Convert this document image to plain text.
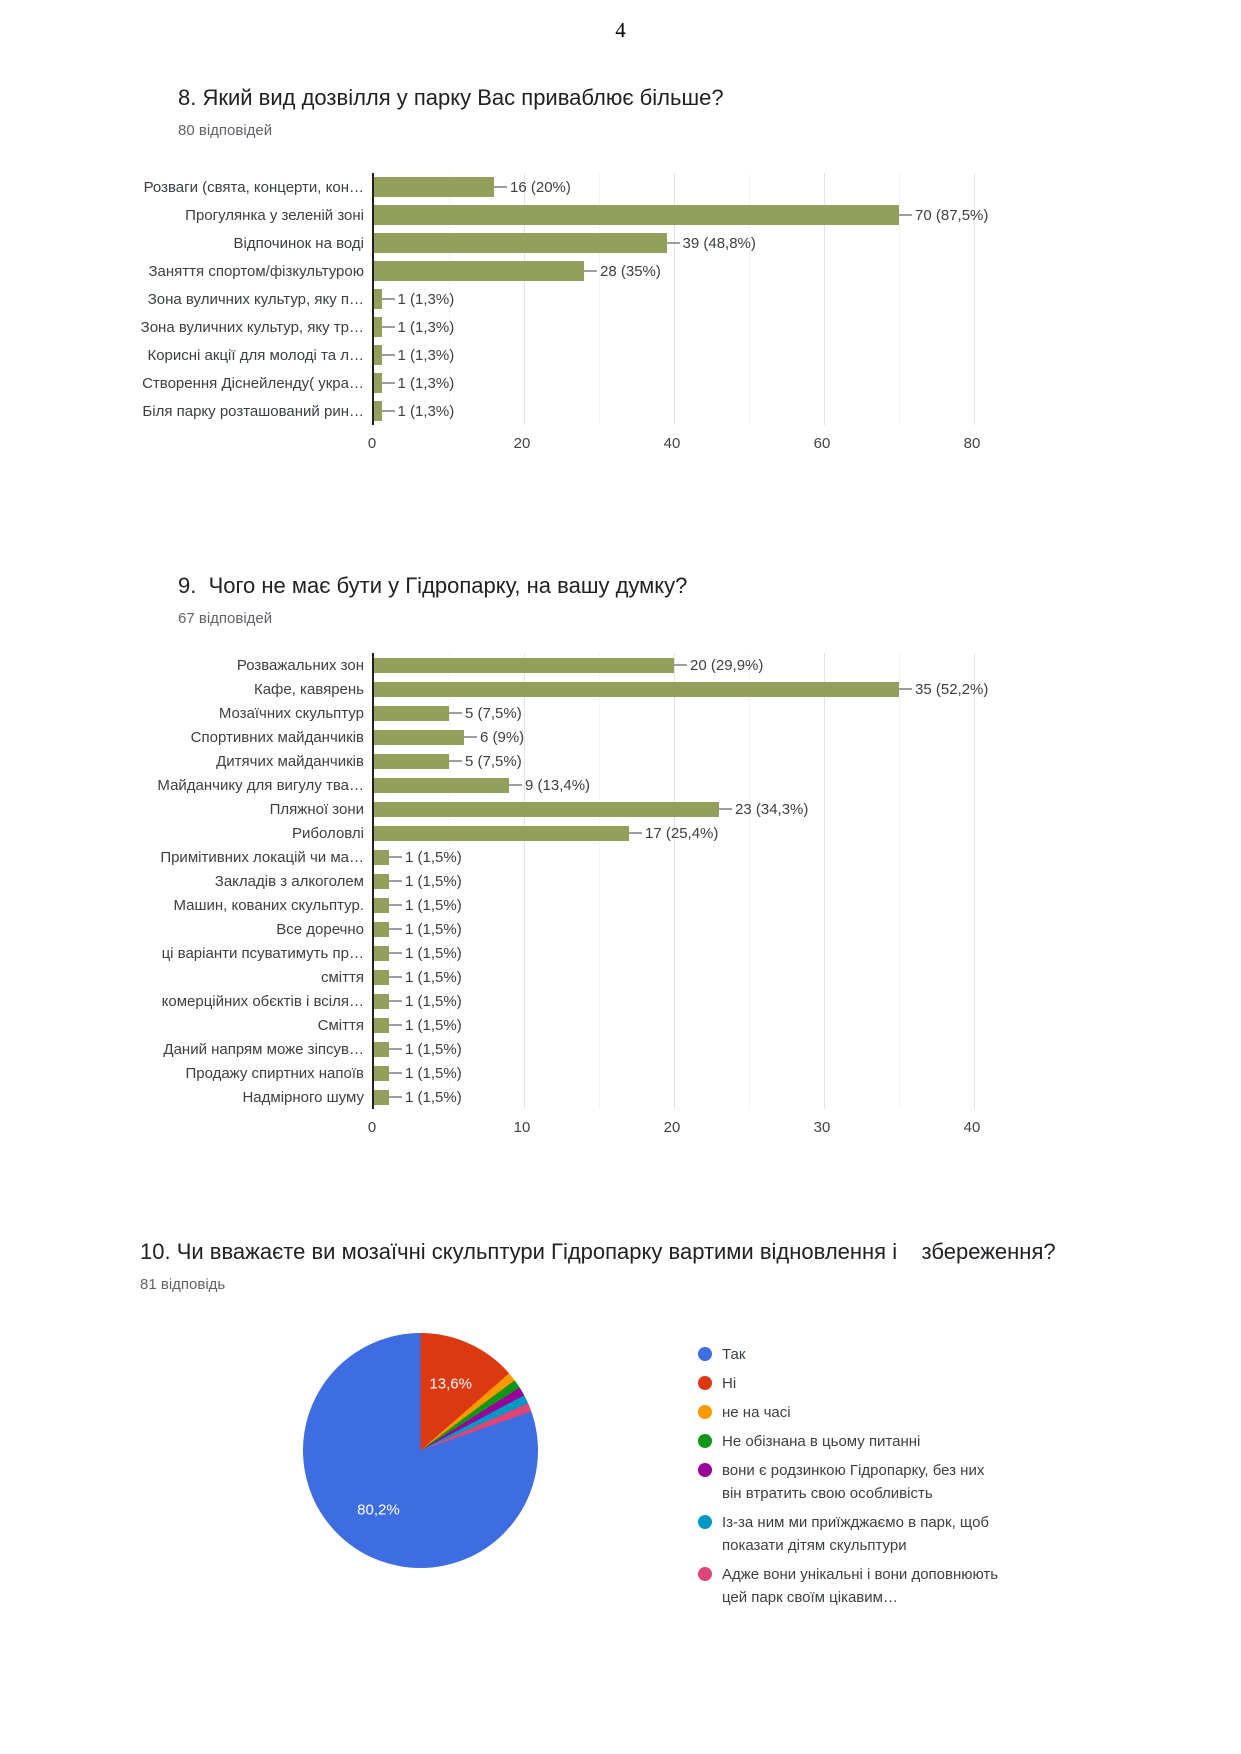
4
8. Який вид дозвілля у парку Вас приваблює більше?
80 відповідей
Розваги (свята, концерти, кон…	16 (20%)
Прогулянка у зеленій зоні	70 (87,5%)
Відпочинок на воді	39 (48,8%)
Заняття спортом/фізкультурою	28 (35%)
Зона вуличних культур, яку п…	1 (1,3%)
Зона вуличних культур, яку тр…	1 (1,3%)
Корисні акції для молоді та л…	1 (1,3%)
Створення Діснейленду( укра…	1 (1,3%)
Біля парку розташований рин…	1 (1,3%)
0	20	40	60	80
9.  Чого не має бути у Гідропарку, на вашу думку?
67 відповідей
Розважальних зон	20 (29,9%)
Кафе, кавярень	35 (52,2%)
Мозаїчних скульптур	5 (7,5%)
Спортивних майданчиків	6 (9%)
Дитячих майданчиків	5 (7,5%)
Майданчику для вигулу тва…	9 (13,4%)
Пляжної зони	23 (34,3%)
Риболовлі	17 (25,4%)
Примітивних локацій чи ма…	1 (1,5%)
Закладів з алкоголем	1 (1,5%)
Машин, кованих скульптур.	1 (1,5%)
Все доречно	1 (1,5%)
ці варіанти псуватимуть пр…	1 (1,5%)
сміття	1 (1,5%)
комерційних обєктів і всіля…	1 (1,5%)
Сміття	1 (1,5%)
Даний напрям може зіпсув…	1 (1,5%)
Продажу спиртних напоїв	1 (1,5%)
Надмірного шуму	1 (1,5%)
0	10	20	30	40
10. Чи вважаєте ви мозаїчні скульптури Гідропарку вартими відновлення і    збереження?
81 відповідь
13,6%
80,2%
Так
Ні
не на часі
Не обізнана в цьому питанні
вони є родзинкою Гідропарку, без них він втратить свою особливість
Із-за ним ми приїжджаємо в парк, щоб показати дітям скульптури
Адже вони унікальні і вони доповнюють цей парк своїм цікавим…
